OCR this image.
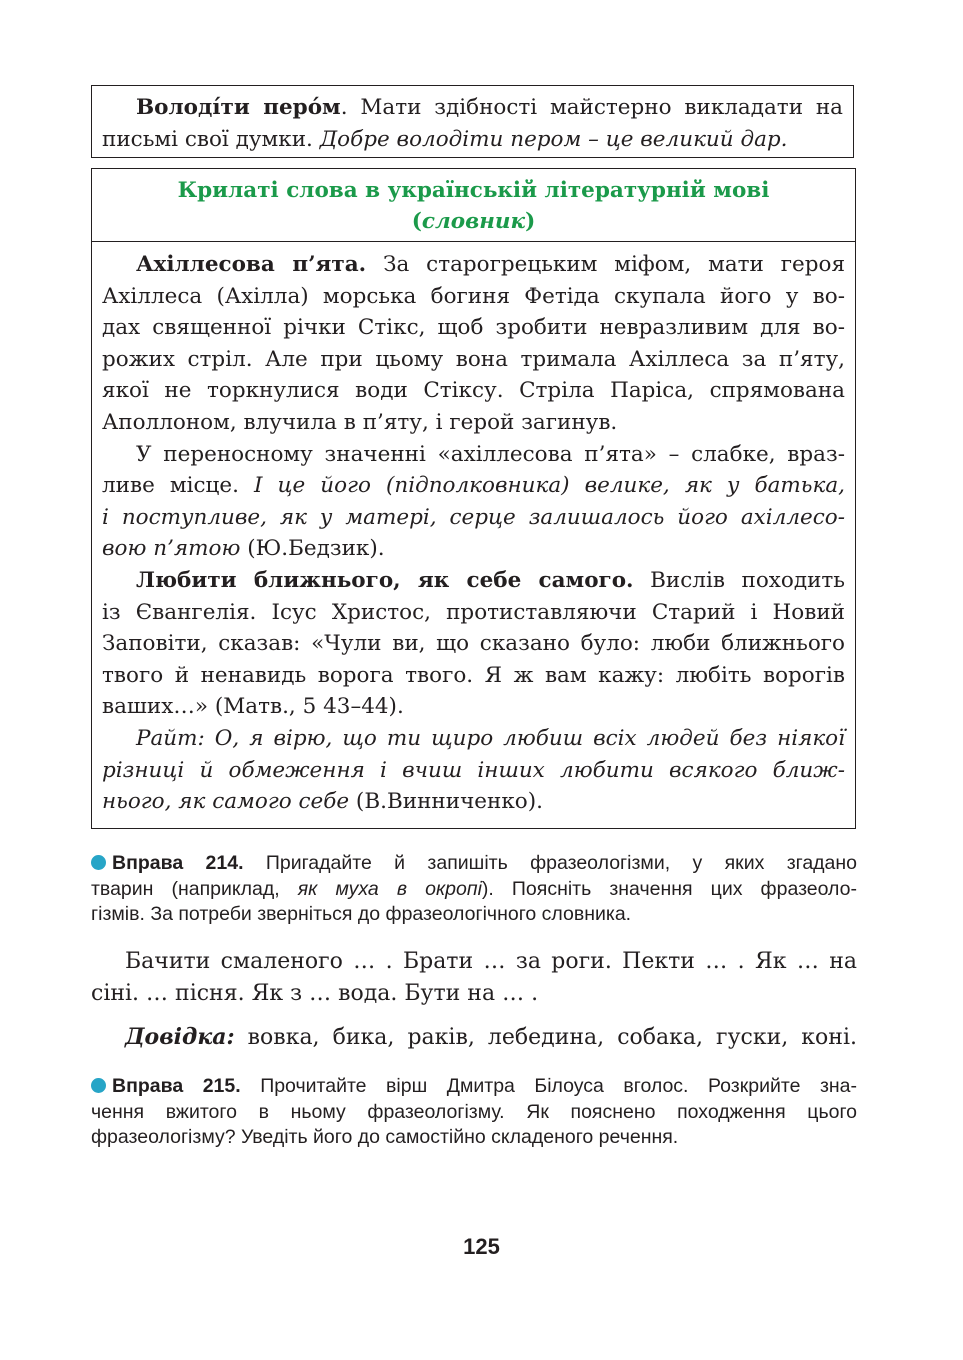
Володíти перóм. Мати здібності майстерно викладати на письмі свої думки. Добре володіти пером – це великий дар.
Крилаті слова в українській літературній мові
(словник)
Ахіллесова п’ята. За старогрецьким міфом, мати героя
Ахіллеса (Ахілла) морська богиня Фетіда скупала його у во-
дах священної річки Стікс, щоб зробити невразливим для во-
рожих стріл. Але при цьому вона тримала Ахіллеса за п’яту,
якої не торкнулися води Стіксу. Стріла Паріса, спрямована
Аполлоном, влучила в п’яту, і герой загинув.
У переносному значенні «ахіллесова п’ята» – слабке, враз-
ливе місце. І це його (підполковника) велике, як у батька,
і поступливе, як у матері, серце залишалось його ахіллесо-
вою п’ятою (Ю.Бедзик).
Любити ближнього, як себе самого. Вислів походить
із Євангелія. Ісус Христос, протиставляючи Старий і Новий
Заповіти, сказав: «Чули ви, що сказано було: люби ближнього
твого й ненавидь ворога твого. Я ж вам кажу: любіть ворогів
ваших…» (Матв., 5 43–44).
Райт: О, я вірю, що ти щиро любиш всіх людей без ніякої
різниці й обмеження і вчиш інших любити всякого ближ-
нього, як самого себе (В.Винниченко).
Вправа 214. Пригадайте й запишіть фразеологізми, у яких згадано
тварин (наприклад, як муха в окропі). Поясніть значення цих фразеоло-
гізмів. За потреби зверніться до фразеологічного словника.
Бачити смаленого … . Брати … за роги. Пекти … . Як … на
сіні. … пісня. Як з … вода. Бути на … .
Довідка: вовка, бика, раків, лебедина, собака, гуски, коні.
Вправа 215. Прочитайте вірш Дмитра Білоуса вголос. Розкрийте зна-
чення вжитого в ньому фразеологізму. Як пояснено походження цього
фразеологізму? Уведіть його до самостійно складеного речення.
125
